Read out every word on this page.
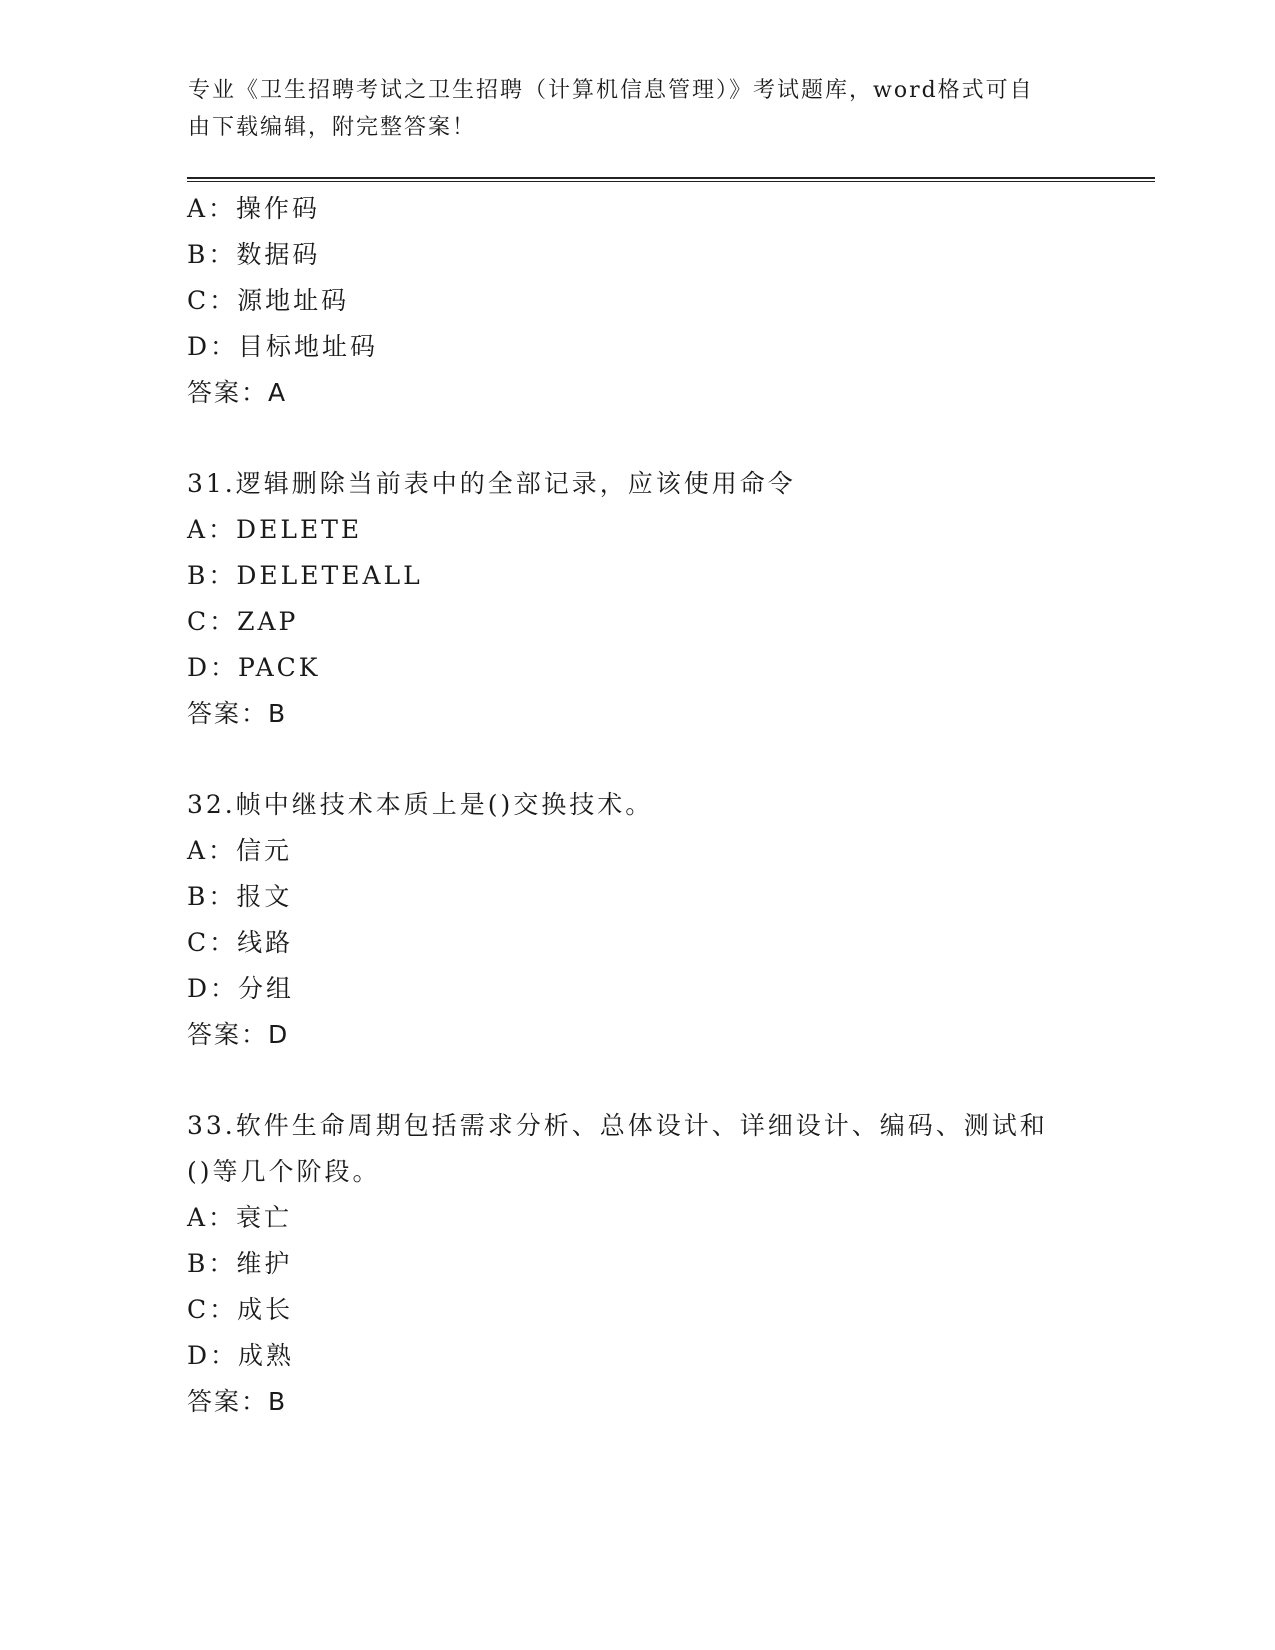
专业《卫生招聘考试之卫生招聘（计算机信息管理）》考试题库，word格式可自
由下载编辑，附完整答案！
A：操作码
B：数据码
C：源地址码
D：目标地址码
答案：A
31.逻辑删除当前表中的全部记录，应该使用命令
A：DELETE
B：DELETEALL
C：ZAP
D：PACK
答案：B
32.帧中继技术本质上是()交换技术。
A：信元
B：报文
C：线路
D：分组
答案：D
33.软件生命周期包括需求分析、总体设计、详细设计、编码、测试和
()等几个阶段。
A：衰亡
B：维护
C：成长
D：成熟
答案：B
